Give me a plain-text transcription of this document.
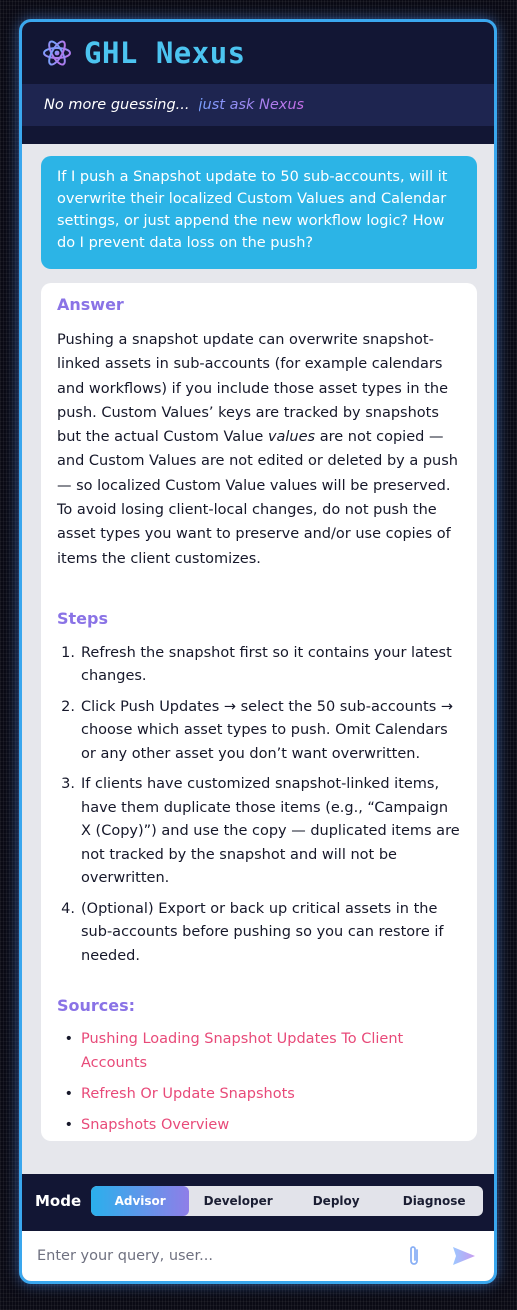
GHL Nexus
No more guessing... just ask Nexus
If I push a Snapshot update to 50 sub-accounts, will it overwrite their localized Custom Values and Calendar settings, or just append the new workflow logic? How do I prevent data loss on the push?
Answer

Pushing a snapshot update can overwrite snapshot-linked assets in sub-accounts (for example calendars and workflows) if you include those asset types in the push. Custom Values’ keys are tracked by snapshots but the actual Custom Value values are not copied — and Custom Values are not edited or deleted by a push — so localized Custom Value values will be preserved. To avoid losing client-local changes, do not push the asset types you want to preserve and/or use copies of items the client customizes.

Steps
1. Refresh the snapshot first so it contains your latest changes.
2. Click Push Updates → select the 50 sub-accounts → choose which asset types to push. Omit Calendars or any other asset you don’t want overwritten.
3. If clients have customized snapshot-linked items, have them duplicate those items (e.g., “Campaign X (Copy)”) and use the copy — duplicated items are not tracked by the snapshot and will not be overwritten.
4. (Optional) Export or back up critical assets in the sub-accounts before pushing so you can restore if needed.
Sources:
• Pushing Loading Snapshot Updates To Client Accounts
• Refresh Or Update Snapshots
• Snapshots Overview
Mode	Advisor	Developer	Deploy	Diagnose
Enter your query, user...
